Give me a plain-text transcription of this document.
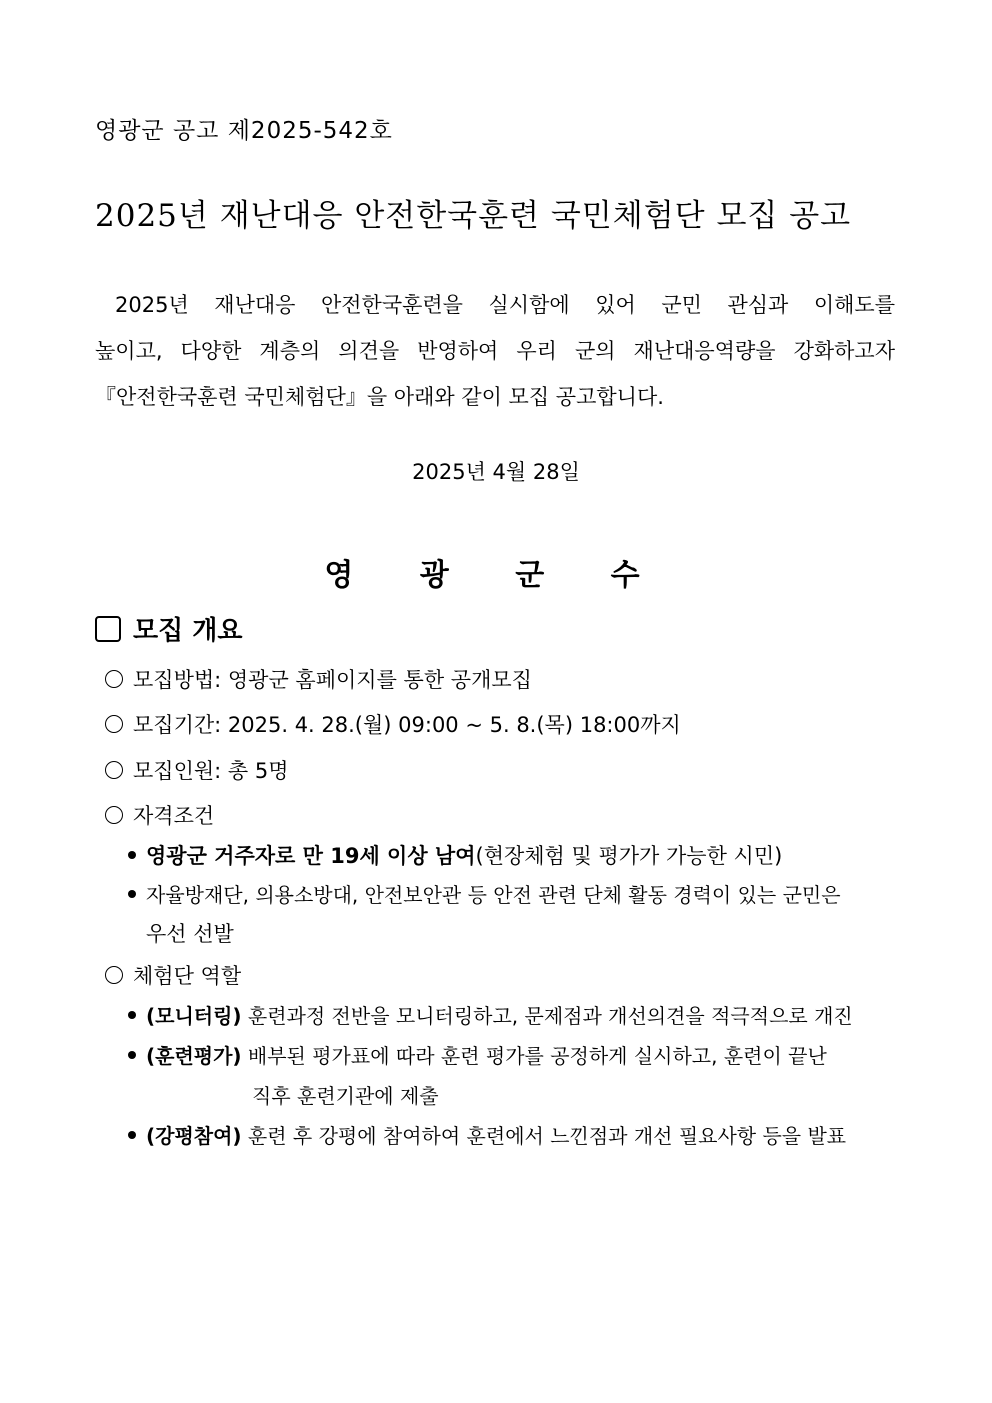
영광군 공고 제2025-542호
2025년 재난대응 안전한국훈련 국민체험단 모집 공고

2025년 재난대응 안전한국훈련을 실시함에 있어 군민 관심과 이해도를

높이고, 다양한 계층의 의견을 반영하여 우리 군의 재난대응역량을 강화하고자

『안전한국훈련 국민체험단』을 아래와 같이 모집 공고합니다.

2025년 4월 28일
영 광 군 수
모집 개요
모집방법: 영광군 홈페이지를 통한 공개모집
모집기간: 2025. 4. 28.(월) 09:00 ~ 5. 8.(목) 18:00까지
모집인원: 총 5명
자격조건
영광군 거주자로 만 19세 이상 남여(현장체험 및 평가가 가능한 시민)
자율방재단, 의용소방대, 안전보안관 등 안전 관련 단체 활동 경력이 있는 군민은
우선 선발
체험단 역할
(모니터링) 훈련과정 전반을 모니터링하고, 문제점과 개선의견을 적극적으로 개진
(훈련평가) 배부된 평가표에 따라 훈련 평가를 공정하게 실시하고, 훈련이 끝난
직후 훈련기관에 제출
(강평참여) 훈련 후 강평에 참여하여 훈련에서 느낀점과 개선 필요사항 등을 발표
